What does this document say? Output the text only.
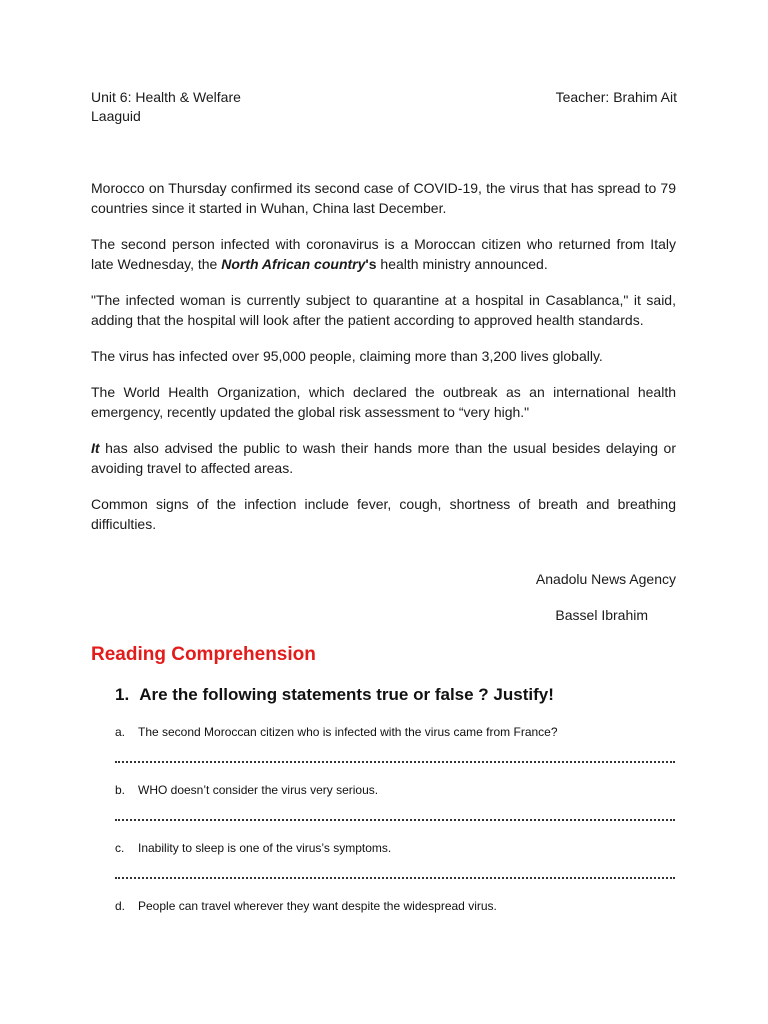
Unit 6: Health & Welfare	Teacher: Brahim Ait
Laaguid

Morocco on Thursday confirmed its second case of COVID-19, the virus that has spread to 79 countries since it started in Wuhan, China last December.

The second person infected with coronavirus is a Moroccan citizen who returned from Italy late Wednesday, the North African country's health ministry announced.

"The infected woman is currently subject to quarantine at a hospital in Casablanca," it said, adding that the hospital will look after the patient according to approved health standards.

The virus has infected over 95,000 people, claiming more than 3,200 lives globally.

The World Health Organization, which declared the outbreak as an international health emergency, recently updated the global risk assessment to “very high."

It has also advised the public to wash their hands more than the usual besides delaying or avoiding travel to affected areas.

Common signs of the infection include fever, cough, shortness of breath and breathing difficulties.

Anadolu News Agency
Bassel Ibrahim
Reading Comprehension
1. Are the following statements true or false ? Justify!
a. The second Moroccan citizen who is infected with the virus came from France?
b. WHO doesn’t consider the virus very serious.
c. Inability to sleep is one of the virus’s symptoms.
d. People can travel wherever they want despite the widespread virus.
